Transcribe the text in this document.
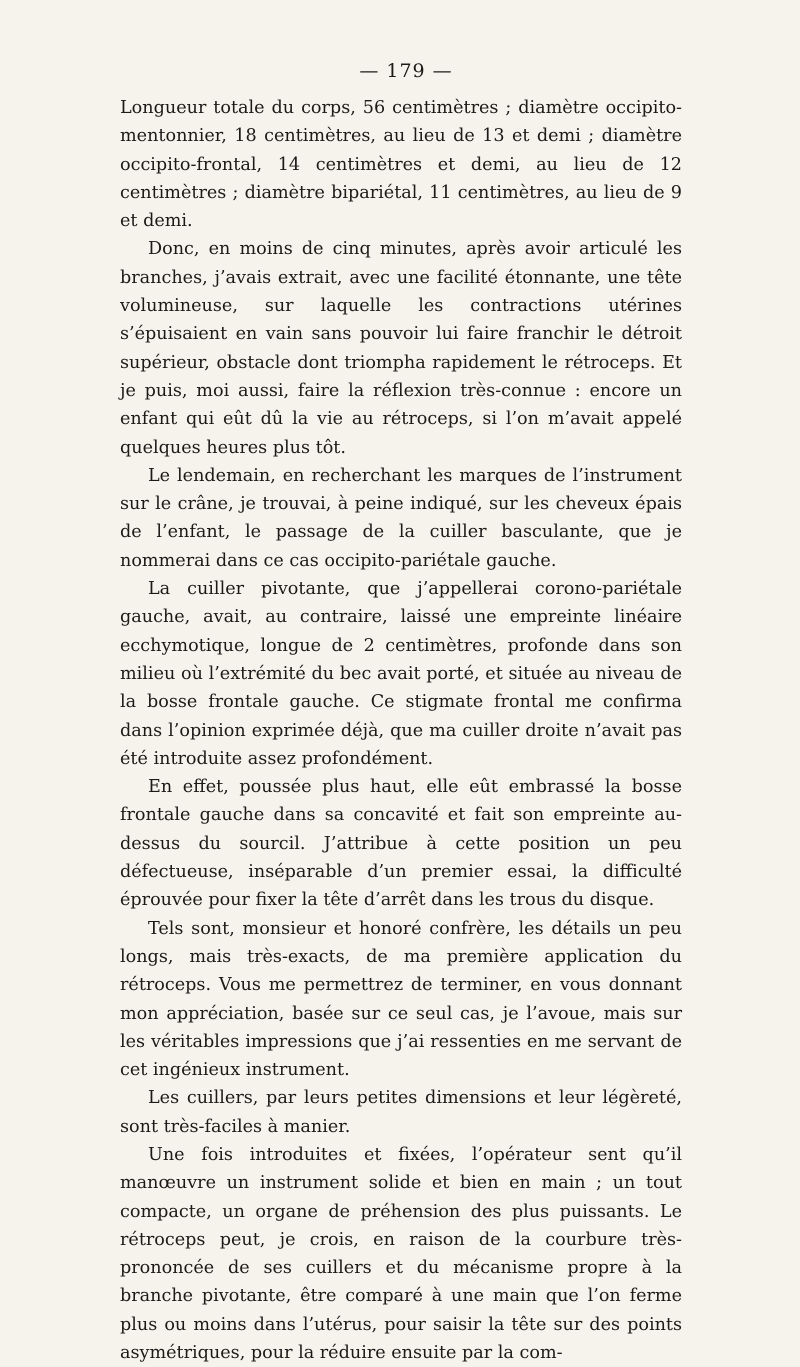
— 179 —

Longueur totale du corps, 56 centimètres ; diamètre occipito-mentonnier, 18 centimètres, au lieu de 13 et demi ; diamètre occipito-frontal, 14 centimètres et demi, au lieu de 12 centimètres ; diamètre bipariétal, 11 centimètres, au lieu de 9 et demi.

Donc, en moins de cinq minutes, après avoir articulé les branches, j’avais extrait, avec une facilité étonnante, une tête volumineuse, sur laquelle les contractions utérines s’épuisaient en vain sans pouvoir lui faire franchir le détroit supérieur, obstacle dont triompha rapidement le rétroceps. Et je puis, moi aussi, faire la réflexion très-connue : encore un enfant qui eût dû la vie au rétroceps, si l’on m’avait appelé quelques heures plus tôt.

Le lendemain, en recherchant les marques de l’instrument sur le crâne, je trouvai, à peine indiqué, sur les cheveux épais de l’enfant, le passage de la cuiller basculante, que je nommerai dans ce cas occipito-pariétale gauche.

La cuiller pivotante, que j’appellerai corono-pariétale gauche, avait, au contraire, laissé une empreinte linéaire ecchymotique, longue de 2 centimètres, profonde dans son milieu où l’extrémité du bec avait porté, et située au niveau de la bosse frontale gauche. Ce stigmate frontal me confirma dans l’opinion exprimée déjà, que ma cuiller droite n’avait pas été introduite assez profondément.

En effet, poussée plus haut, elle eût embrassé la bosse frontale gauche dans sa concavité et fait son empreinte au-dessus du sourcil. J’attribue à cette position un peu défectueuse, inséparable d’un premier essai, la difficulté éprouvée pour fixer la tête d’arrêt dans les trous du disque.

Tels sont, monsieur et honoré confrère, les détails un peu longs, mais très-exacts, de ma première application du rétroceps. Vous me permettrez de terminer, en vous donnant mon appréciation, basée sur ce seul cas, je l’avoue, mais sur les véritables impressions que j’ai ressenties en me servant de cet ingénieux instrument.

Les cuillers, par leurs petites dimensions et leur légèreté, sont très-faciles à manier.

Une fois introduites et fixées, l’opérateur sent qu’il manœuvre un instrument solide et bien en main ; un tout compacte, un organe de préhension des plus puissants. Le rétroceps peut, je crois, en raison de la courbure très-prononcée de ses cuillers et du mécanisme propre à la branche pivotante, être comparé à une main que l’on ferme plus ou moins dans l’utérus, pour saisir la tête sur des points asymétriques, pour la réduire ensuite par la com-
